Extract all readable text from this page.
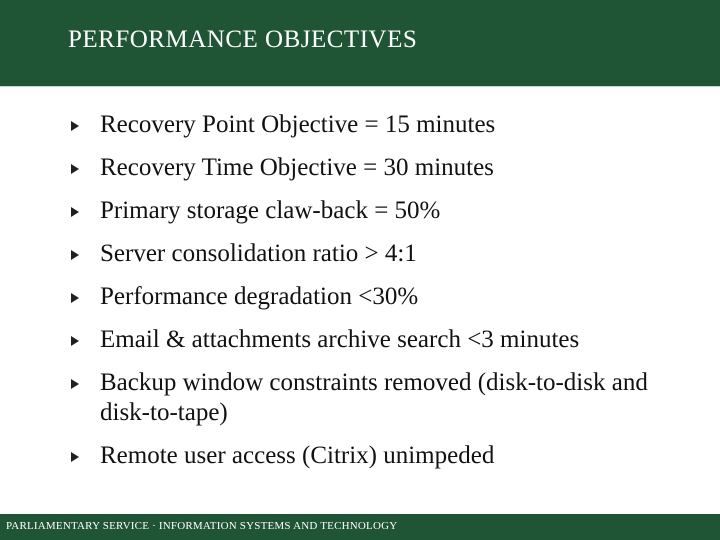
PERFORMANCE OBJECTIVES
Recovery Point Objective = 15 minutes
Recovery Time Objective = 30 minutes
Primary storage claw-back = 50%
Server consolidation ratio > 4:1
Performance degradation <30%
Email & attachments archive search <3 minutes
Backup window constraints removed (disk-to-disk and disk-to-tape)
Remote user access (Citrix) unimpeded
PARLIAMENTARY SERVICE · INFORMATION SYSTEMS AND TECHNOLOGY
